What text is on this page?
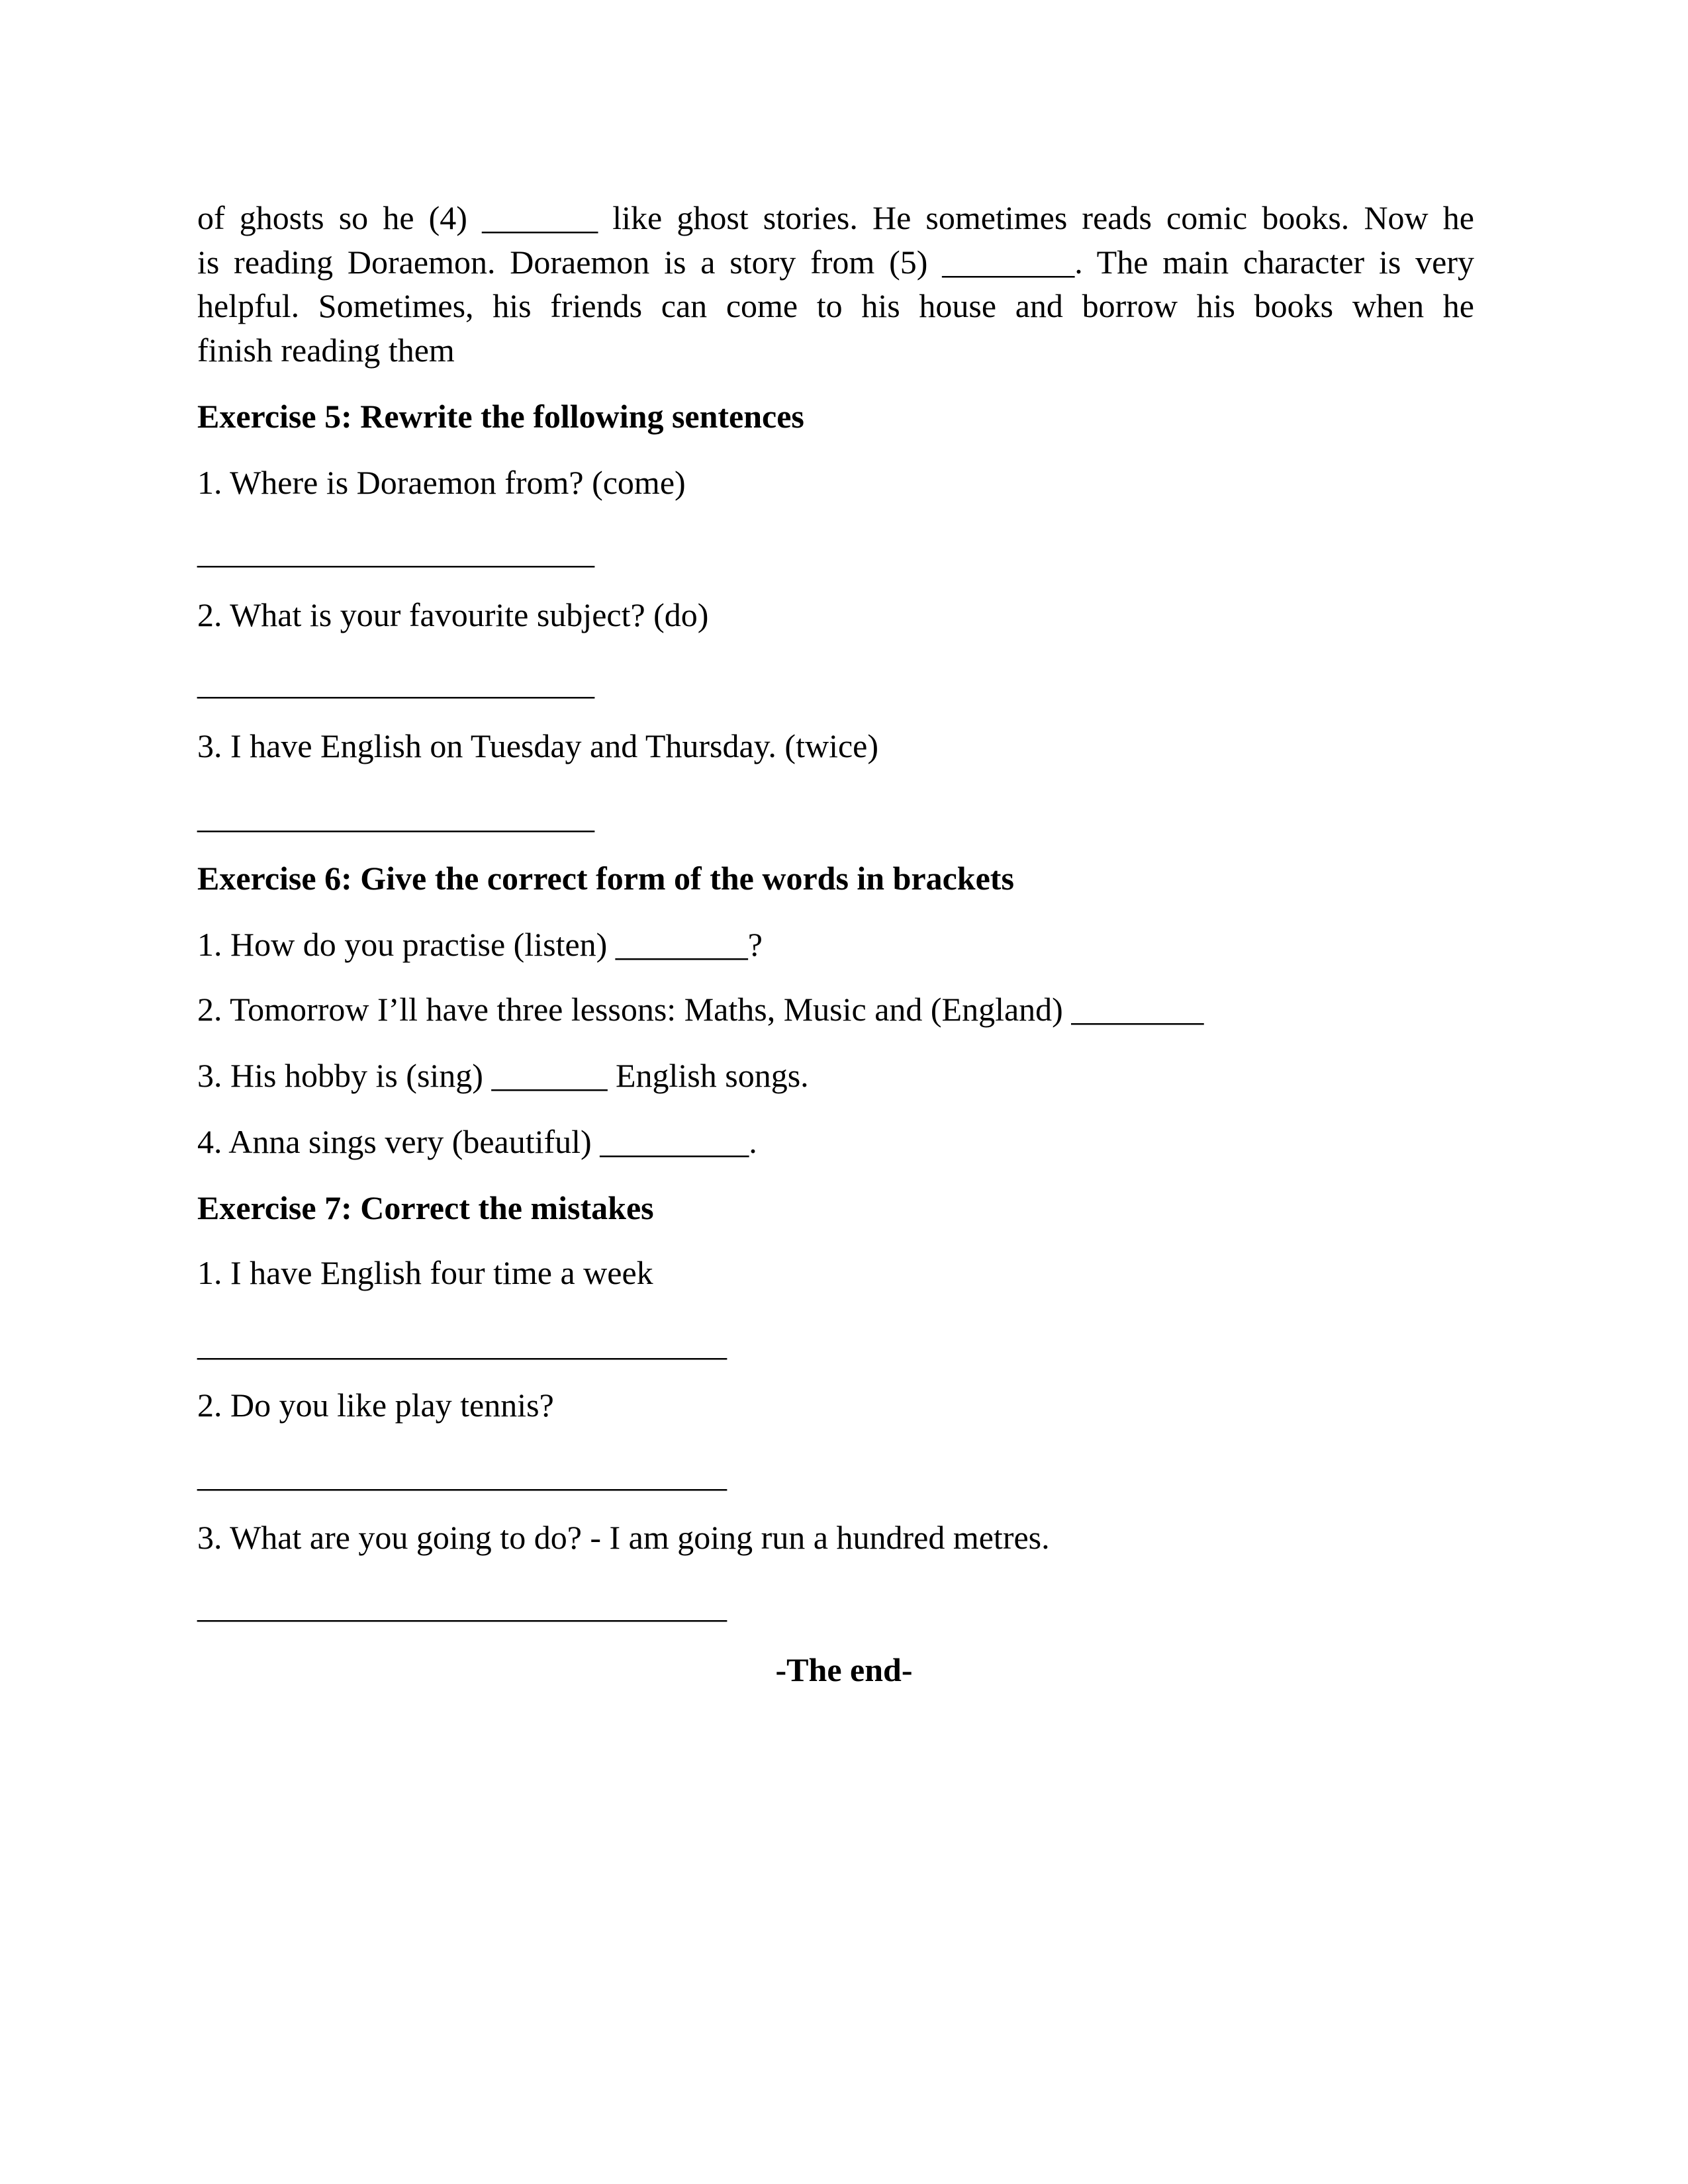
of ghosts so he (4) _______ like ghost stories. He sometimes reads comic books. Now he
is reading Doraemon. Doraemon is a story from (5) ________. The main character is very
helpful. Sometimes, his friends can come to his house and borrow his books when he
finish reading them
Exercise 5: Rewrite the following sentences
1. Where is Doraemon from? (come)
________________________
2. What is your favourite subject? (do)
________________________
3. I have English on Tuesday and Thursday. (twice)
________________________
Exercise 6: Give the correct form of the words in brackets
1. How do you practise (listen) ________?
2. Tomorrow I’ll have three lessons: Maths, Music and (England) ________
3. His hobby is (sing) _______ English songs.
4. Anna sings very (beautiful) _________.
Exercise 7: Correct the mistakes
1. I have English four time a week
________________________________
2. Do you like play tennis?
________________________________
3. What are you going to do? - I am going run a hundred metres.
________________________________
-The end-
